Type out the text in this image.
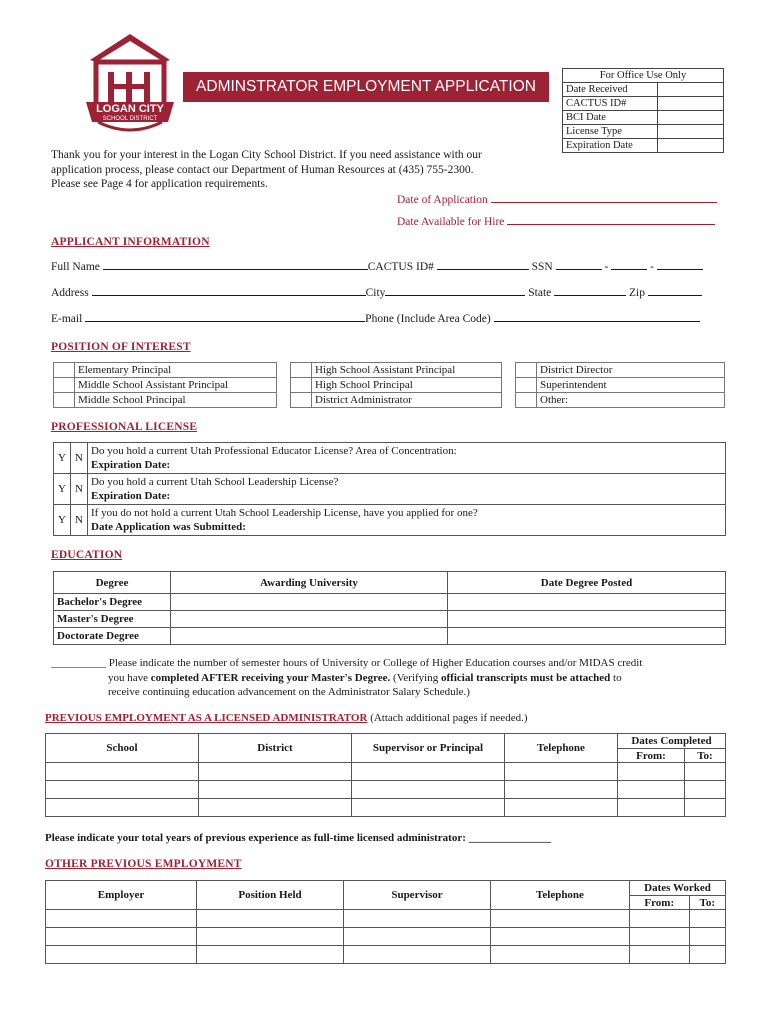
LOGAN CITY
SCHOOL DISTRICT
ADMINSTRATOR EMPLOYMENT APPLICATION
For Office Use Only	
Date Received	
CACTUS ID#	
BCI Date	
License Type	
Expiration Date	
Thank you for your interest in the Logan City School District. If you need assistance with our
application process, please contact our Department of Human Resources at (435) 755-2300.
Please see Page 4 for application requirements.
Date of Application
Date Available for Hire
APPLICANT INFORMATION
Full Name	CACTUS ID#	SSN	-	-
Address	City	State	Zip
E-mail	Phone (Include Area Code)
POSITION OF INTEREST
	Elementary Principal
	Middle School Assistant Principal
	Middle School Principal
	High School Assistant Principal
	High School Principal
	District Administrator
	District Director
	Superintendent
	Other:
PROFESSIONAL LICENSE
Y	N	Do you hold a current Utah Professional Educator License? Area of Concentration:
Expiration Date:

Y	N	Do you hold a current Utah School Leadership License?
Expiration Date:

Y	N	If you do not hold a current Utah School Leadership License, have you applied for one?
Date Application was Submitted:
EDUCATION
Degree	Awarding University	Date Degree Posted
Bachelor's Degree		
Master's Degree		
Doctorate Degree		
__________ Please indicate the number of semester hours of University or College of Higher Education courses and/or MIDAS credit
you have completed AFTER receiving your Master's Degree. (Verifying official transcripts must be attached to
receive continuing education advancement on the Administrator Salary Schedule.)
PREVIOUS EMPLOYMENT AS A LICENSED ADMINISTRATOR (Attach additional pages if needed.)
School	District	Supervisor or Principal	Telephone	Dates Completed	
				From:	To:

Please indicate your total years of previous experience as full-time licensed administrator: _______________
OTHER PREVIOUS EMPLOYMENT
Employer	Position Held	Supervisor	Telephone	Dates Worked	
				From:	To:
